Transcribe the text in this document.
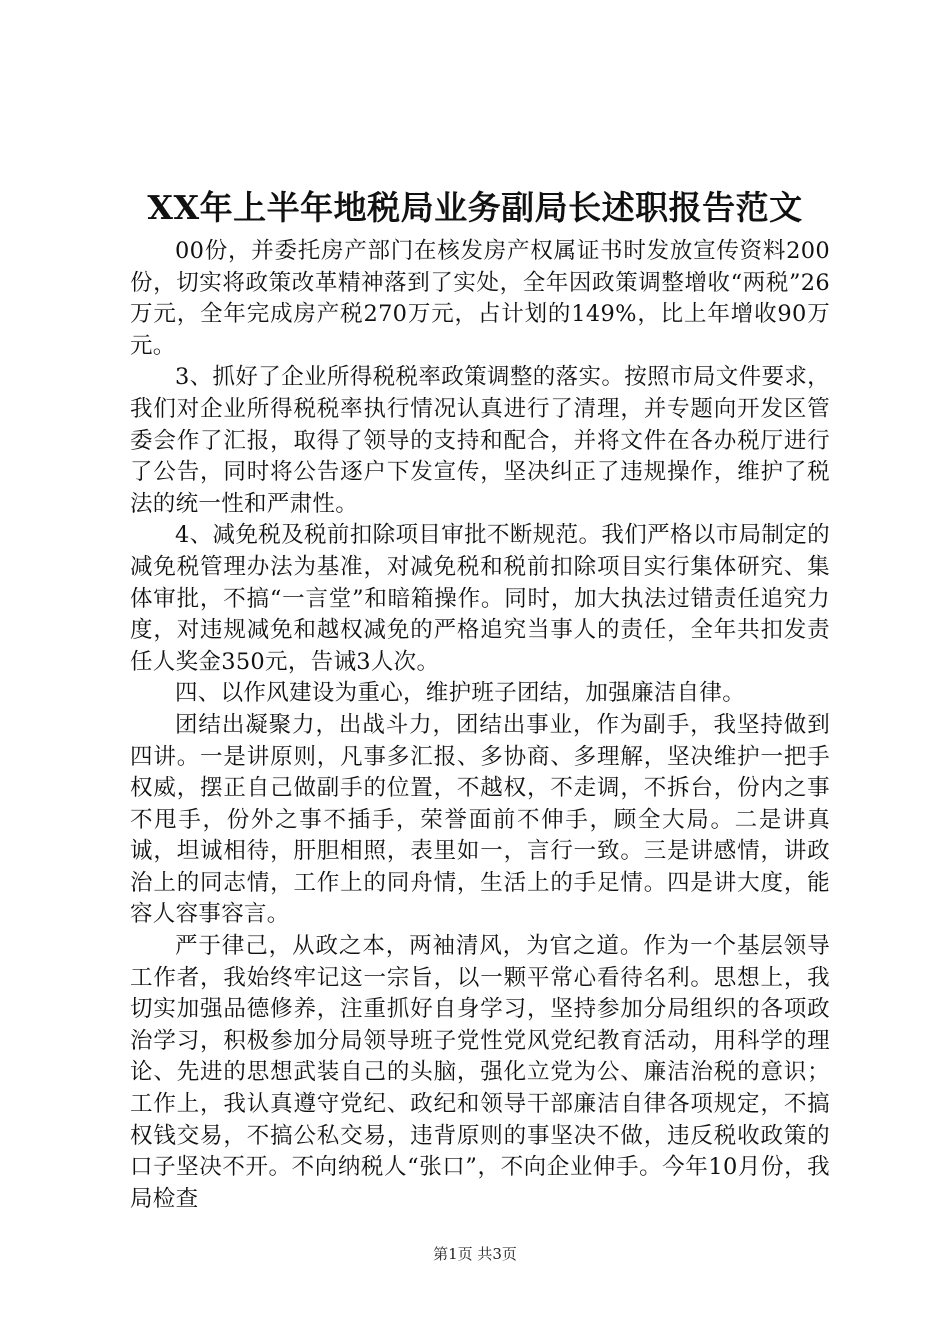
XX年上半年地税局业务副局长述职报告范文

00份，并委托房产部门在核发房产权属证书时发放宣传资料200份，切实将政策改革精神落到了实处，全年因政策调整增收“两税”26万元，全年完成房产税270万元，占计划的149%，比上年增收90万元。

3、抓好了企业所得税税率政策调整的落实。按照市局文件要求，我们对企业所得税税率执行情况认真进行了清理，并专题向开发区管委会作了汇报，取得了领导的支持和配合，并将文件在各办税厅进行了公告，同时将公告逐户下发宣传，坚决纠正了违规操作，维护了税法的统一性和严肃性。

4、减免税及税前扣除项目审批不断规范。我们严格以市局制定的减免税管理办法为基准，对减免税和税前扣除项目实行集体研究、集体审批，不搞“一言堂”和暗箱操作。同时，加大执法过错责任追究力度，对违规减免和越权减免的严格追究当事人的责任，全年共扣发责任人奖金350元，告诫3人次。

四、以作风建设为重心，维护班子团结，加强廉洁自律。

团结出凝聚力，出战斗力，团结出事业，作为副手，我坚持做到四讲。一是讲原则，凡事多汇报、多协商、多理解，坚决维护一把手权威，摆正自己做副手的位置，不越权，不走调，不拆台，份内之事不甩手，份外之事不插手，荣誉面前不伸手，顾全大局。二是讲真诚，坦诚相待，肝胆相照，表里如一，言行一致。三是讲感情，讲政治上的同志情，工作上的同舟情，生活上的手足情。四是讲大度，能容人容事容言。

严于律己，从政之本，两袖清风，为官之道。作为一个基层领导工作者，我始终牢记这一宗旨，以一颗平常心看待名利。思想上，我切实加强品德修养，注重抓好自身学习，坚持参加分局组织的各项政治学习，积极参加分局领导班子党性党风党纪教育活动，用科学的理论、先进的思想武装自己的头脑，强化立党为公、廉洁治税的意识；工作上，我认真遵守党纪、政纪和领导干部廉洁自律各项规定，不搞权钱交易，不搞公私交易，违背原则的事坚决不做，违反税收政策的口子坚决不开。不向纳税人“张口”，不向企业伸手。今年10月份，我局检查

第1页 共3页
